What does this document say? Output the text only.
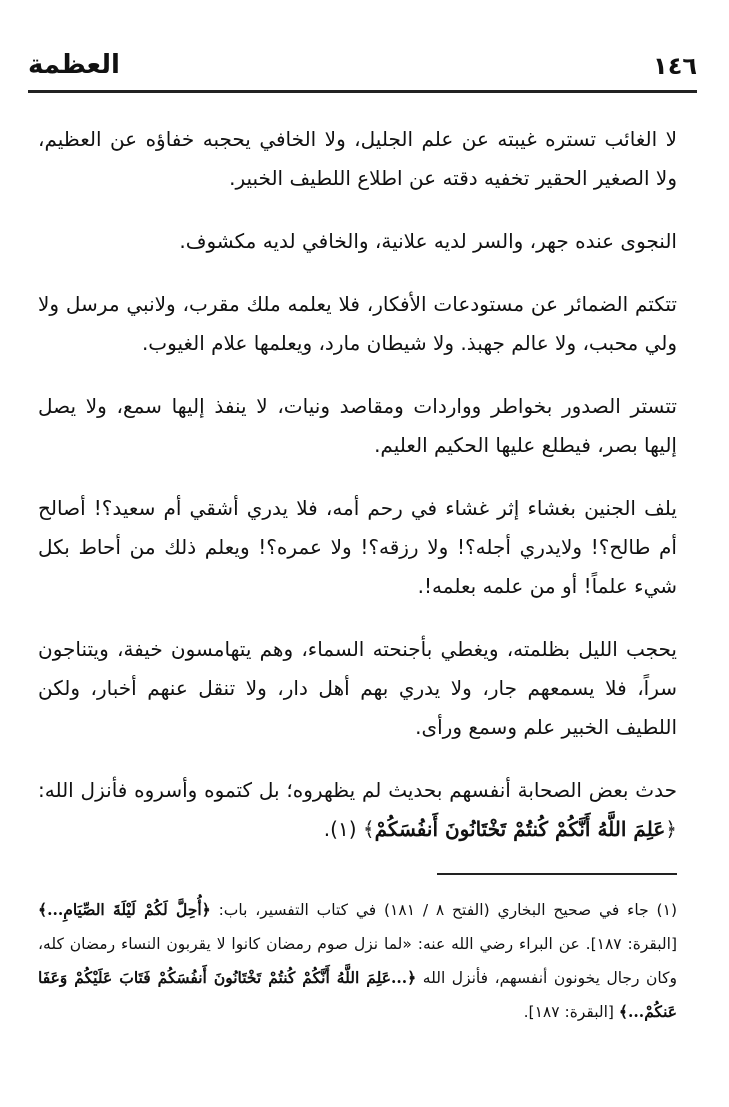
العظمة	١٤٦

لا الغائب تستره غيبته عن علم الجليل، ولا الخافي يحجبه خفاؤه عن العظيم، ولا الصغير الحقير تخفيه دقته عن اطلاع اللطيف الخبير.

النجوى عنده جهر، والسر لديه علانية، والخافي لديه مكشوف.

تتكتم الضمائر عن مستودعات الأفكار، فلا يعلمه ملك مقرب، ولانبي مرسل ولا ولي محبب، ولا عالم جهبذ. ولا شيطان مارد، ويعلمها علام الغيوب.

تتستر الصدور بخواطر وواردات ومقاصد ونيات، لا ينفذ إليها سمع، ولا يصل إليها بصر، فيطلع عليها الحكيم العليم.

يلف الجنين بغشاء إثر غشاء في رحم أمه، فلا يدري أشقي أم سعيد؟! أصالح أم طالح؟! ولايدري أجله؟! ولا رزقه؟! ولا عمره؟! ويعلم ذلك من أحاط بكل شيء علماً! أو من علمه بعلمه!.

يحجب الليل بظلمته، ويغطي بأجنحته السماء، وهم يتهامسون خيفة، ويتناجون سراً، فلا يسمعهم جار، ولا يدري بهم أهل دار، ولا تنقل عنهم أخبار، ولكن اللطيف الخبير علم وسمع ورأى.

حدث بعض الصحابة أنفسهم بحديث لم يظهروه؛ بل كتموه وأسروه فأنزل الله: ﴿عَلِمَ اللَّهُ أَنَّكُمْ كُنتُمْ تَخْتَانُونَ أَنفُسَكُمْ﴾ (١).

(١) جاء في صحيح البخاري (الفتح ٨ / ١٨١) في كتاب التفسير، باب: ﴿أُحِلَّ لَكُمْ لَيْلَةَ الصِّيَامِ...﴾ [البقرة: ١٨٧]. عن البراء رضي الله عنه: «لما نزل صوم رمضان كانوا لا يقربون النساء رمضان كله، وكان رجال يخونون أنفسهم، فأنزل الله ﴿...عَلِمَ اللَّهُ أَنَّكُمْ كُنتُمْ تَخْتَانُونَ أَنفُسَكُمْ فَتَابَ عَلَيْكُمْ وَعَفَا عَنكُمْ...﴾ [البقرة: ١٨٧].
